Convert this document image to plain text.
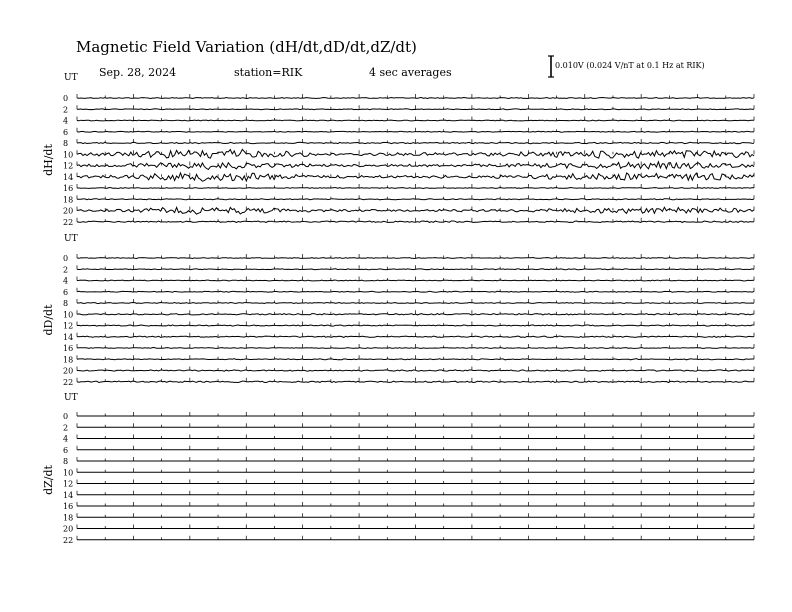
UT
dH/dt
0
2
4
6
8
10
12
14
16
18
20
22
UT
dD/dt
0
2
4
6
8
10
12
14
16
18
20
22
UT
dZ/dt
0
2
4
6
8
10
12
14
16
18
20
22
Magnetic Field Variation (dH/dt,dD/dt,dZ/dt)
Sep. 28, 2024	station=RIK	4 sec averages
0.010V (0.024 V/nT at 0.1 Hz at RIK)
